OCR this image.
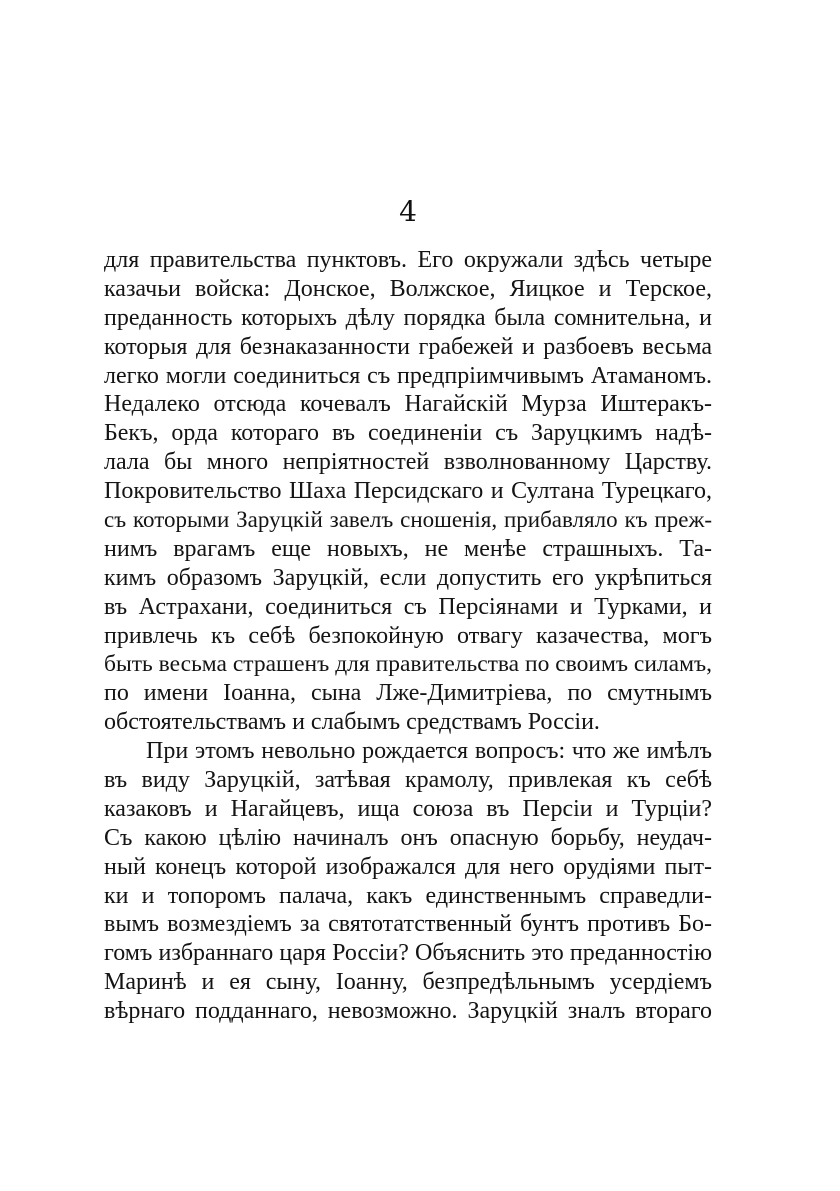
4
для правительства пунктовъ. Его окружали здѣсь четыре
казачьи войска: Донское, Волжское, Яицкое и Терское,
преданность которыхъ дѣлу порядка была сомнительна, и
которыя для безнаказанности грабежей и разбоевъ весьма
легко могли соединиться съ предпріимчивымъ Атаманомъ.
Недалеко отсюда кочевалъ Нагайскій Мурза Иштеракъ-
Бекъ, орда котораго въ соединеніи съ Заруцкимъ надѣ-
лала бы много непріятностей взволнованному Царству.
Покровительство Шаха Персидскаго и Султана Турецкаго,
съ которыми Заруцкій завелъ сношенія, прибавляло къ преж-
нимъ врагамъ еще новыхъ, не менѣе страшныхъ. Та-
кимъ образомъ Заруцкій, если допустить его укрѣпиться
въ Астрахани, соединиться съ Персіянами и Турками, и
привлечь къ себѣ безпокойную отвагу казачества, могъ
быть весьма страшенъ для правительства по своимъ силамъ,
по имени Іоанна, сына Лже-Димитріева, по смутнымъ
обстоятельствамъ и слабымъ средствамъ Россіи.
При этомъ невольно рождается вопросъ: что же имѣлъ
въ виду Заруцкій, затѣвая крамолу, привлекая къ себѣ
казаковъ и Нагайцевъ, ища союза въ Персіи и Турціи?
Съ какою цѣлію начиналъ онъ опасную борьбу, неудач-
ный конецъ которой изображался для него орудіями пыт-
ки и топоромъ палача, какъ единственнымъ справедли-
вымъ возмездіемъ за святотатственный бунтъ противъ Бо-
гомъ избраннаго царя Россіи? Объяснить это преданностію
Маринѣ и ея сыну, Іоанну, безпредѣльнымъ усердіемъ
вѣрнаго подданнаго, невозможно. Заруцкій зналъ втораго
